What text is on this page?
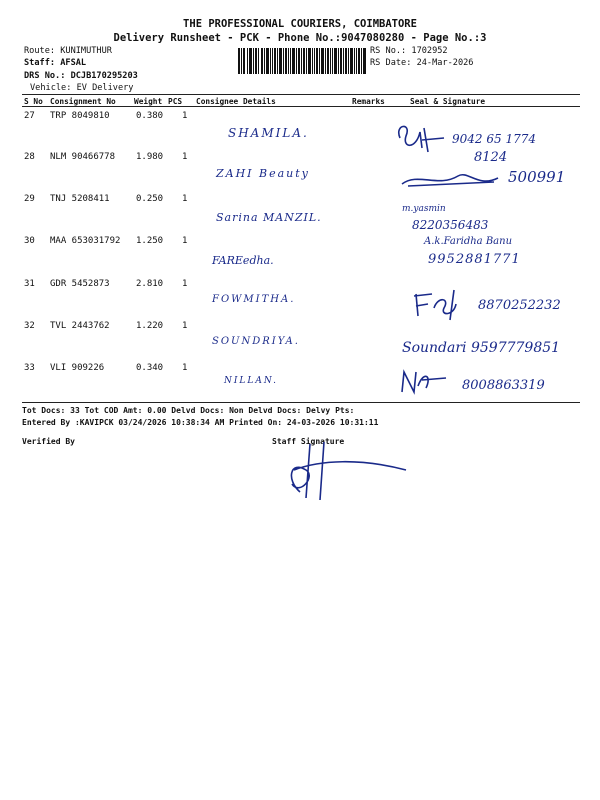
THE PROFESSIONAL COURIERS, COIMBATORE
Delivery Runsheet - PCK - Phone No.:9047080280 - Page No.:3
Route: KUNIMUTHUR
Staff: AFSAL
DRS No.: DCJB170295203
Vehicle: EV Delivery
RS No.: 1702952
RS Date: 24-Mar-2026
S No Consignment No Weight PCS Consignee Details	Remarks	Seal & Signature
27 TRP 8049810	0.380 1
SHAMILA.	9042 65 1774
28 NLM 90466778 1.980 1
ZAHI Beauty
8124
500991
29 TNJ 5208411	0.250 1
Sarina MANZIL.
m.yasmin
8220356483
30 MAA 653031792 1.250 1
FAREedha.
A.k.Faridha Banu
9952881771
31 GDR 5452873	2.810 1
FOWMITHA.	8870252232
32 TVL 2443762	1.220 1
SOUNDRIYA.	Soundari 9597779851
33 VLI 909226	0.340 1
NILLAN.	8008863319
Tot Docs: 33 Tot COD Amt: 0.00 Delvd Docs: Non Delvd Docs: Delvy Pts:
Entered By :KAVIPCK 03/24/2026 10:38:34 AM Printed On: 24-03-2026 10:31:11
Verified By	Staff Signature
